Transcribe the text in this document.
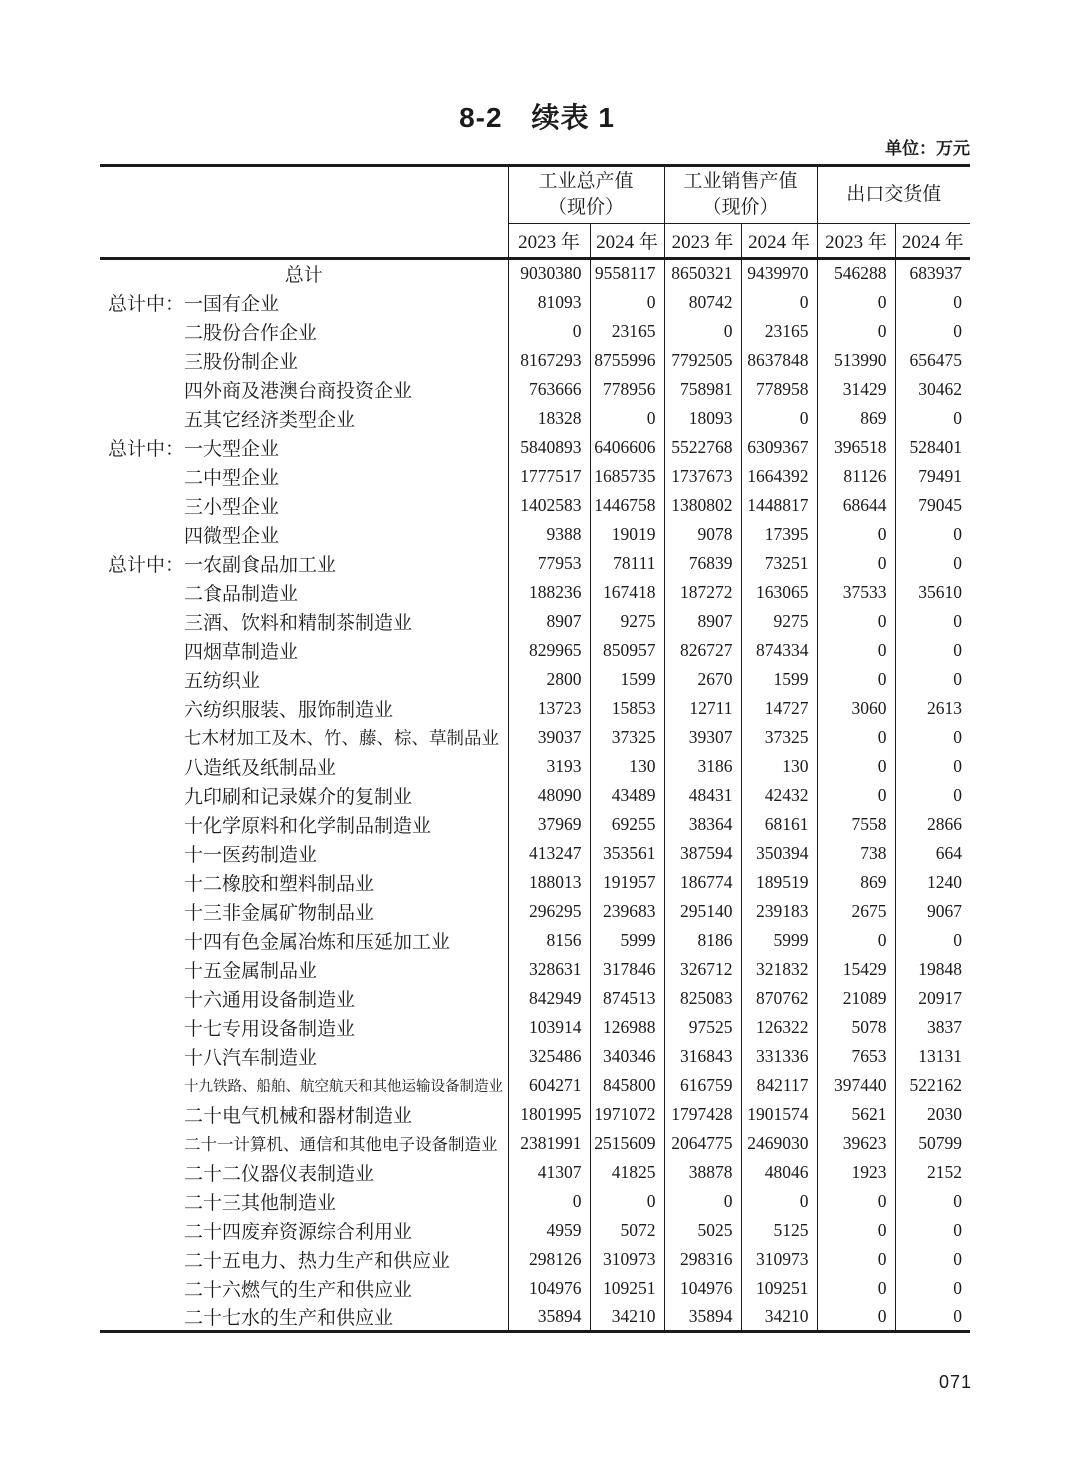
8-2　续表 1
单位：万元

工业总产值
（现价）

工业销售产值
（现价）

出口交货值

	2023 年	2024 年	2023 年	2024 年	2023 年	2024 年
总计	9030380	9558117	8650321	9439970	546288	683937
总计中：一国有企业	81093	0	80742	0	0	0
二股份合作企业	0	23165	0	23165	0	0
三股份制企业	8167293	8755996	7792505	8637848	513990	656475
四外商及港澳台商投资企业	763666	778956	758981	778958	31429	30462
五其它经济类型企业	18328	0	18093	0	869	0
总计中：一大型企业	5840893	6406606	5522768	6309367	396518	528401
二中型企业	1777517	1685735	1737673	1664392	81126	79491
三小型企业	1402583	1446758	1380802	1448817	68644	79045
四微型企业	9388	19019	9078	17395	0	0
总计中：一农副食品加工业	77953	78111	76839	73251	0	0
二食品制造业	188236	167418	187272	163065	37533	35610
三酒、饮料和精制茶制造业	8907	9275	8907	9275	0	0
四烟草制造业	829965	850957	826727	874334	0	0
五纺织业	2800	1599	2670	1599	0	0
六纺织服装、服饰制造业	13723	15853	12711	14727	3060	2613
七木材加工及木、竹、藤、棕、草制品业	39037	37325	39307	37325	0	0
八造纸及纸制品业	3193	130	3186	130	0	0
九印刷和记录媒介的复制业	48090	43489	48431	42432	0	0
十化学原料和化学制品制造业	37969	69255	38364	68161	7558	2866
十一医药制造业	413247	353561	387594	350394	738	664
十二橡胶和塑料制品业	188013	191957	186774	189519	869	1240
十三非金属矿物制品业	296295	239683	295140	239183	2675	9067
十四有色金属冶炼和压延加工业	8156	5999	8186	5999	0	0
十五金属制品业	328631	317846	326712	321832	15429	19848
十六通用设备制造业	842949	874513	825083	870762	21089	20917
十七专用设备制造业	103914	126988	97525	126322	5078	3837
十八汽车制造业	325486	340346	316843	331336	7653	13131
十九铁路、船舶、航空航天和其他运输设备制造业	604271	845800	616759	842117	397440	522162
二十电气机械和器材制造业	1801995	1971072	1797428	1901574	5621	2030
二十一计算机、通信和其他电子设备制造业	2381991	2515609	2064775	2469030	39623	50799
二十二仪器仪表制造业	41307	41825	38878	48046	1923	2152
二十三其他制造业	0	0	0	0	0	0
二十四废弃资源综合利用业	4959	5072	5025	5125	0	0
二十五电力、热力生产和供应业	298126	310973	298316	310973	0	0
二十六燃气的生产和供应业	104976	109251	104976	109251	0	0
二十七水的生产和供应业	35894	34210	35894	34210	0	0
071
